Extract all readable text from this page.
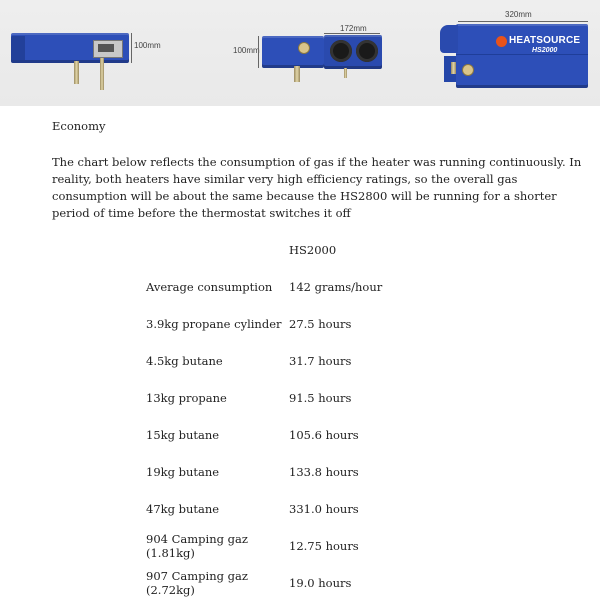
100mm
172mm
100mm
320mm
HEATSOURCE
HS2000

Economy

The chart below reflects the consumption of gas if the heater was running continuously. In reality, both heaters have similar very high efficiency ratings, so the overall gas consumption will be about the same because the HS2800 will be running for a shorter period of time before the thermostat switches it off

	HS2000
Average consumption	142 grams/hour
3.9kg propane cylinder	27.5 hours
4.5kg butane	31.7 hours
13kg propane	91.5 hours
15kg butane	105.6 hours
19kg butane	133.8 hours
47kg butane	331.0 hours
904 Camping gaz (1.81kg)	12.75 hours
907 Camping gaz (2.72kg)	19.0 hours
